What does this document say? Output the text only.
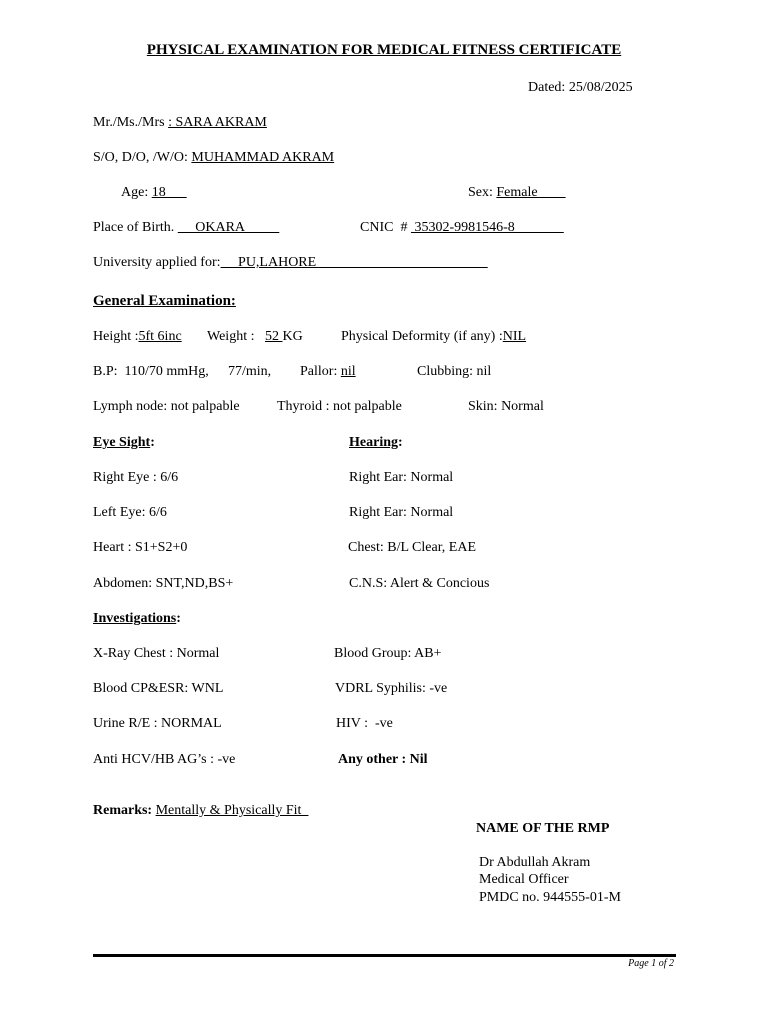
PHYSICAL EXAMINATION FOR MEDICAL FITNESS CERTIFICATE
Dated: 25/08/2025
Mr./Ms./Mrs : SARA AKRAM
S/O, D/O, /W/O: MUHAMMAD AKRAM
Age: 18	Sex: Female
Place of Birth.      OKARA	CNIC  #  35302-9981546-8
University applied for:     PU,LAHORE
General Examination:
Height :5ft 6inc Weight :   52 KG	Physical Deformity (if any) :NIL
B.P:  110/70 mmHg, 77/min, Pallor: nil	Clubbing: nil
Lymph node: not palpable	Thyroid : not palpable	Skin: Normal
Eye Sight:	Hearing:
Right Eye : 6/6	Right Ear: Normal
Left Eye: 6/6	Right Ear: Normal
Heart : S1+S2+0	Chest: B/L Clear, EAE
Abdomen: SNT,ND,BS+	C.N.S: Alert & Concious
Investigations:
X-Ray Chest : Normal	Blood Group: AB+
Blood CP&ESR: WNL	VDRL Syphilis: -ve
Urine R/E : NORMAL	HIV :  -ve
Anti HCV/HB AG’s : -ve	Any other : Nil
Remarks: Mentally & Physically Fit
NAME OF THE RMP
Dr Abdullah Akram
Medical Officer
PMDC no. 944555-01-M
Page 1 of 2
